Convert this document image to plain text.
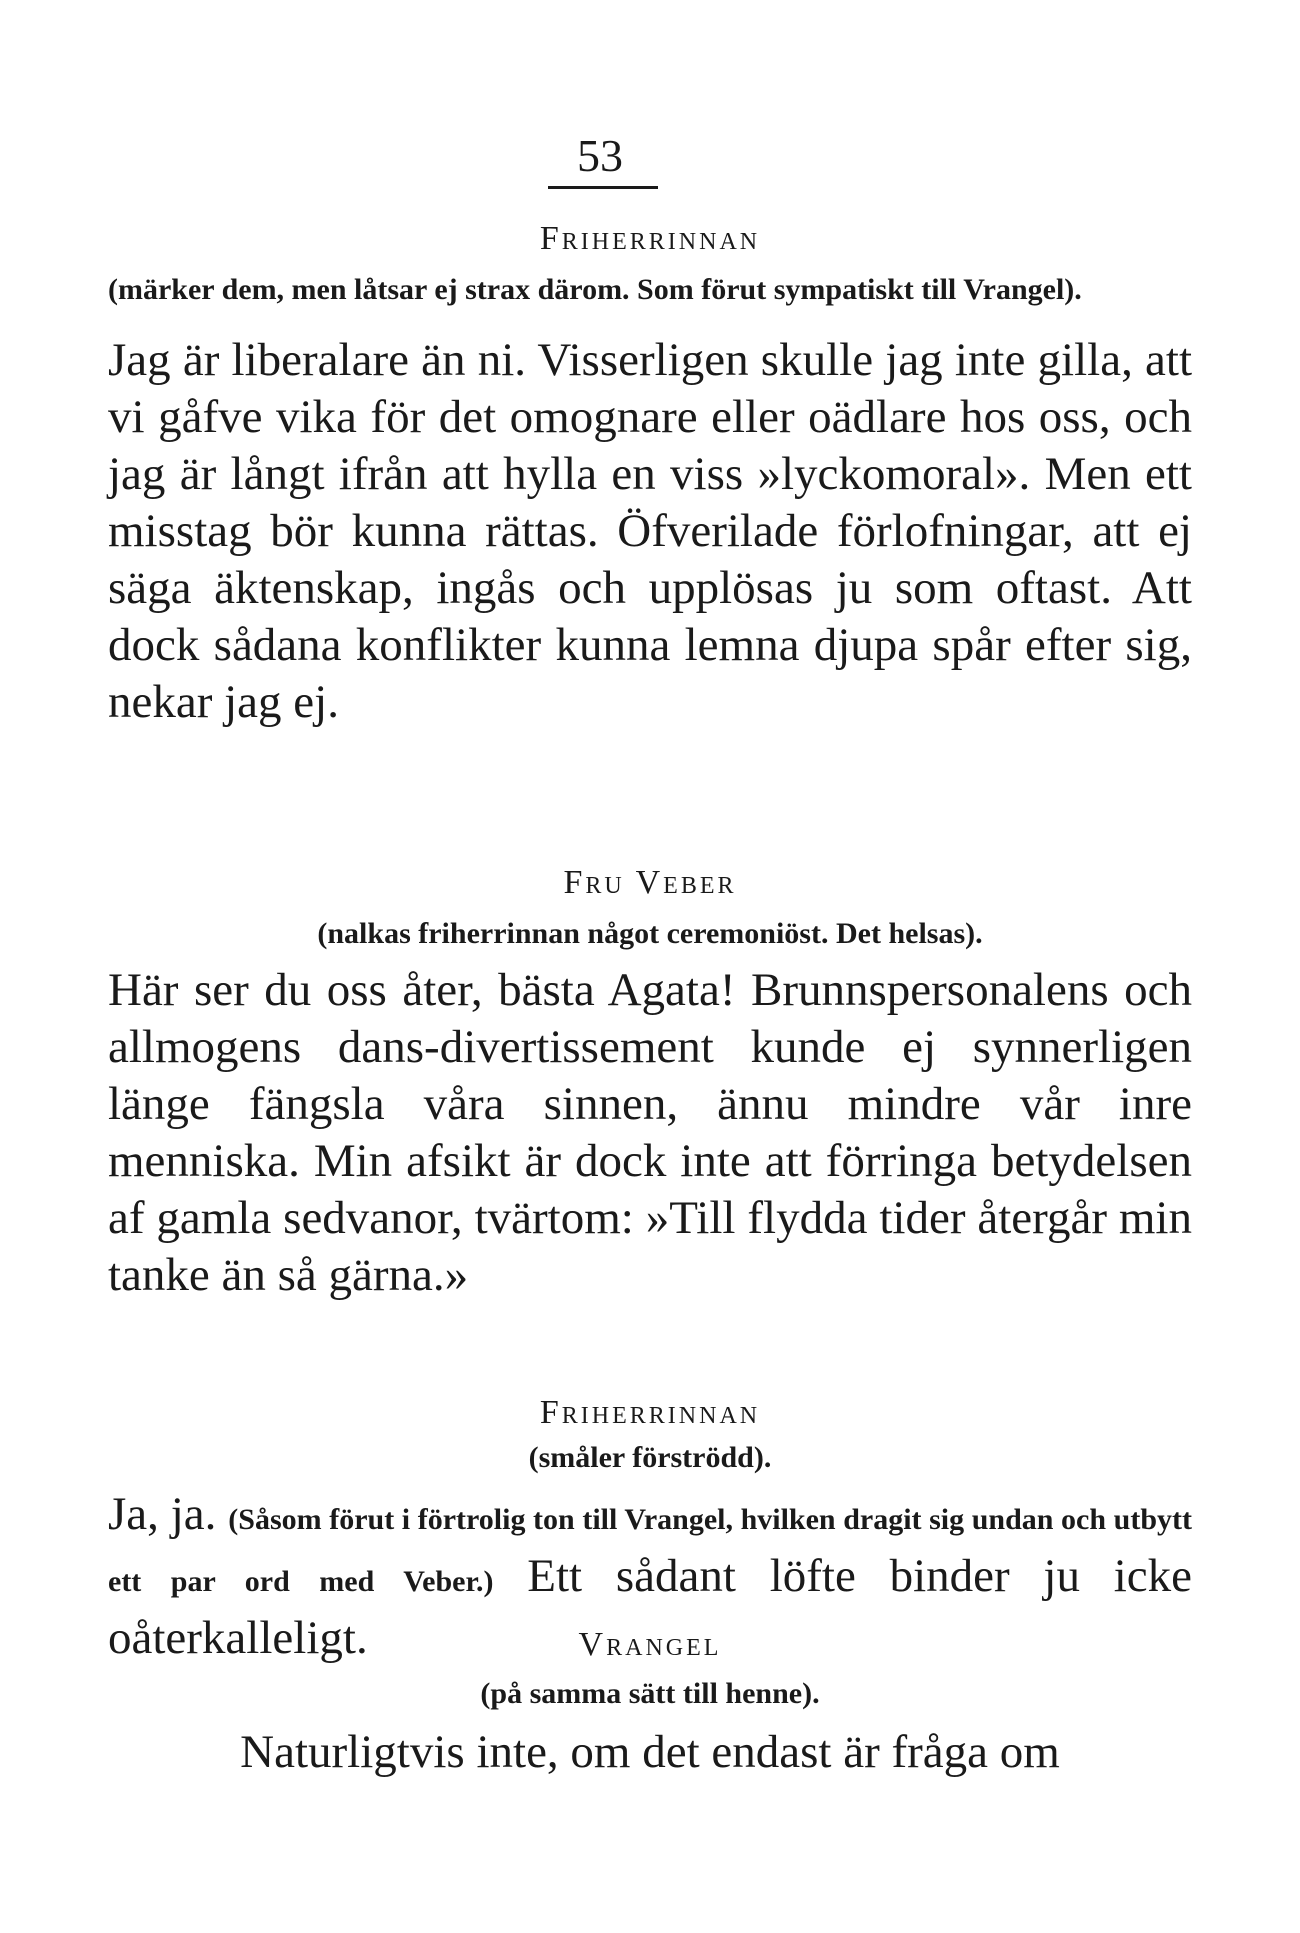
53
Friherrinnan
(märker dem, men låtsar ej strax därom. Som förut sympatiskt till Vrangel).
Jag är liberalare än ni. Visserligen skulle jag inte gilla, att vi gåfve vika för det omognare eller oädlare hos oss, och jag är långt ifrån att hylla en viss »lyckomoral». Men ett misstag bör kunna rättas. Öfverilade förlofningar, att ej säga äktenskap, ingås och upplösas ju som oftast. Att dock sådana konflikter kunna lemna djupa spår efter sig, nekar jag ej.
Fru Veber
(nalkas friherrinnan något ceremoniöst. Det helsas).
Här ser du oss åter, bästa Agata! Brunnspersonalens och allmogens dans-divertissement kunde ej synnerligen länge fängsla våra sinnen, ännu mindre vår inre menniska. Min afsikt är dock inte att förringa betydelsen af gamla sedvanor, tvärtom: »Till flydda tider återgår min tanke än så gärna.»
Friherrinnan
(småler förströdd).
Ja, ja. (Såsom förut i förtrolig ton till Vrangel, hvilken dragit sig undan och utbytt ett par ord med Veber.) Ett sådant löfte binder ju icke oåterkalleligt.	Vrangel
(på samma sätt till henne).
Naturligtvis inte, om det endast är fråga om
